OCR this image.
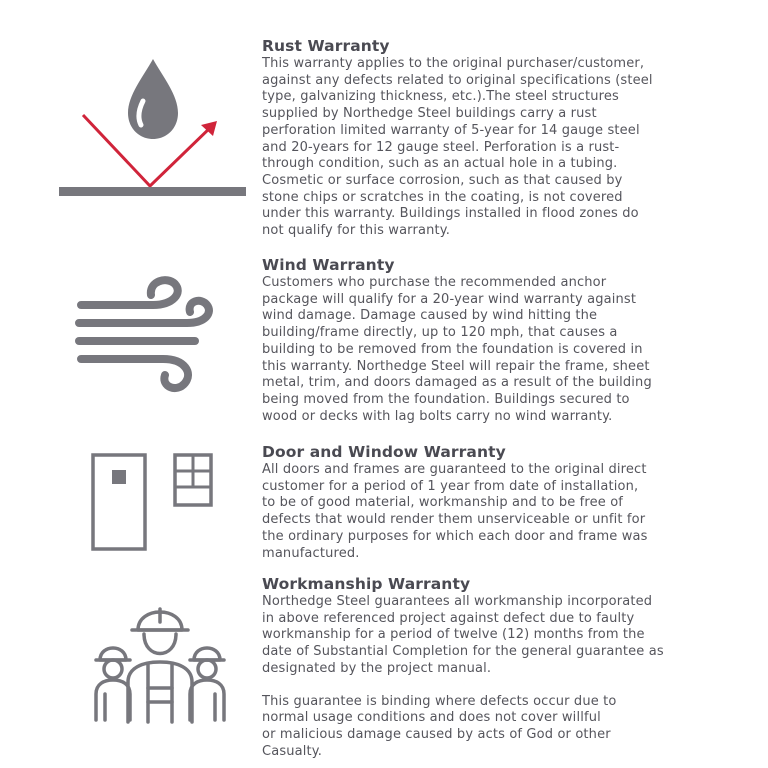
Rust Warranty

This warranty applies to the original purchaser/customer,
against any defects related to original specifications (steel
type, galvanizing thickness, etc.).The steel structures
supplied by Northedge Steel buildings carry a rust
perforation limited warranty of 5-year for 14 gauge steel
and 20-years for 12 gauge steel. Perforation is a rust-
through condition, such as an actual hole in a tubing.
Cosmetic or surface corrosion, such as that caused by
stone chips or scratches in the coating, is not covered
under this warranty. Buildings installed in flood zones do
not qualify for this warranty.

Wind Warranty

Customers who purchase the recommended anchor
package will qualify for a 20-year wind warranty against
wind damage. Damage caused by wind hitting the
building/frame directly, up to 120 mph, that causes a
building to be removed from the foundation is covered in
this warranty. Northedge Steel will repair the frame, sheet
metal, trim, and doors damaged as a result of the building
being moved from the foundation. Buildings secured to
wood or decks with lag bolts carry no wind warranty.

Door and Window Warranty

All doors and frames are guaranteed to the original direct
customer for a period of 1 year from date of installation,
to be of good material, workmanship and to be free of
defects that would render them unserviceable or unfit for
the ordinary purposes for which each door and frame was
manufactured.

Workmanship Warranty

Northedge Steel guarantees all workmanship incorporated
in above referenced project against defect due to faulty
workmanship for a period of twelve (12) months from the
date of Substantial Completion for the general guarantee as
designated by the project manual.

This guarantee is binding where defects occur due to
normal usage conditions and does not cover willful
or malicious damage caused by acts of God or other
Casualty.
